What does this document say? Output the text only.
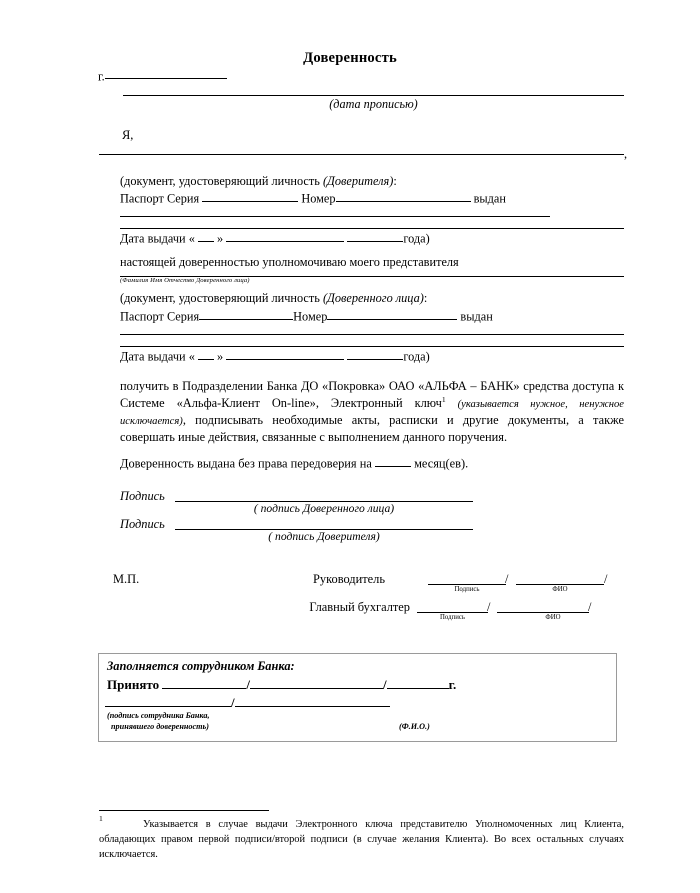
Доверенность
г.
(дата прописью)
Я,
,
(документ, удостоверяющий личность (Доверителя):
Паспорт Серия	Номер	выдан
Дата выдачи « »	года)
настоящей доверенностью уполномочиваю моего представителя
(Фамилия Имя Отчество Доверенного лица)
(документ, удостоверяющий личность (Доверенного лица):
Паспорт Серия	Номер	выдан
Дата выдачи « »	года)
получить в Подразделении Банка ДО «Покровка» ОАО «АЛЬФА – БАНК» средства доступа к Системе «Альфа-Клиент On-line», Электронный ключ$^1$ (указывается нужное, ненужное исключается), подписывать необходимые акты, расписки и другие документы, а также совершать иные действия, связанные с выполнением данного поручения.
Доверенность выдана без права передоверия на	месяц(ев).
Подпись
( подпись Доверенного лица)
Подпись
( подпись Доверителя)
М.П.	Руководитель	/	/
Подпись	ФИО
Главный бухгалтер	/	/
Подпись	ФИО
Заполняется сотрудником Банка:
Принято	/	/	г.
/
(подпись сотрудника Банка,
принявшего доверенность)	(Ф.И.О.)
1
Указывается в случае выдачи Электронного ключа представителю Уполномоченных лиц Клиента, обладающих правом первой подписи/второй подписи (в случае желания Клиента). Во всех остальных случаях исключается.
